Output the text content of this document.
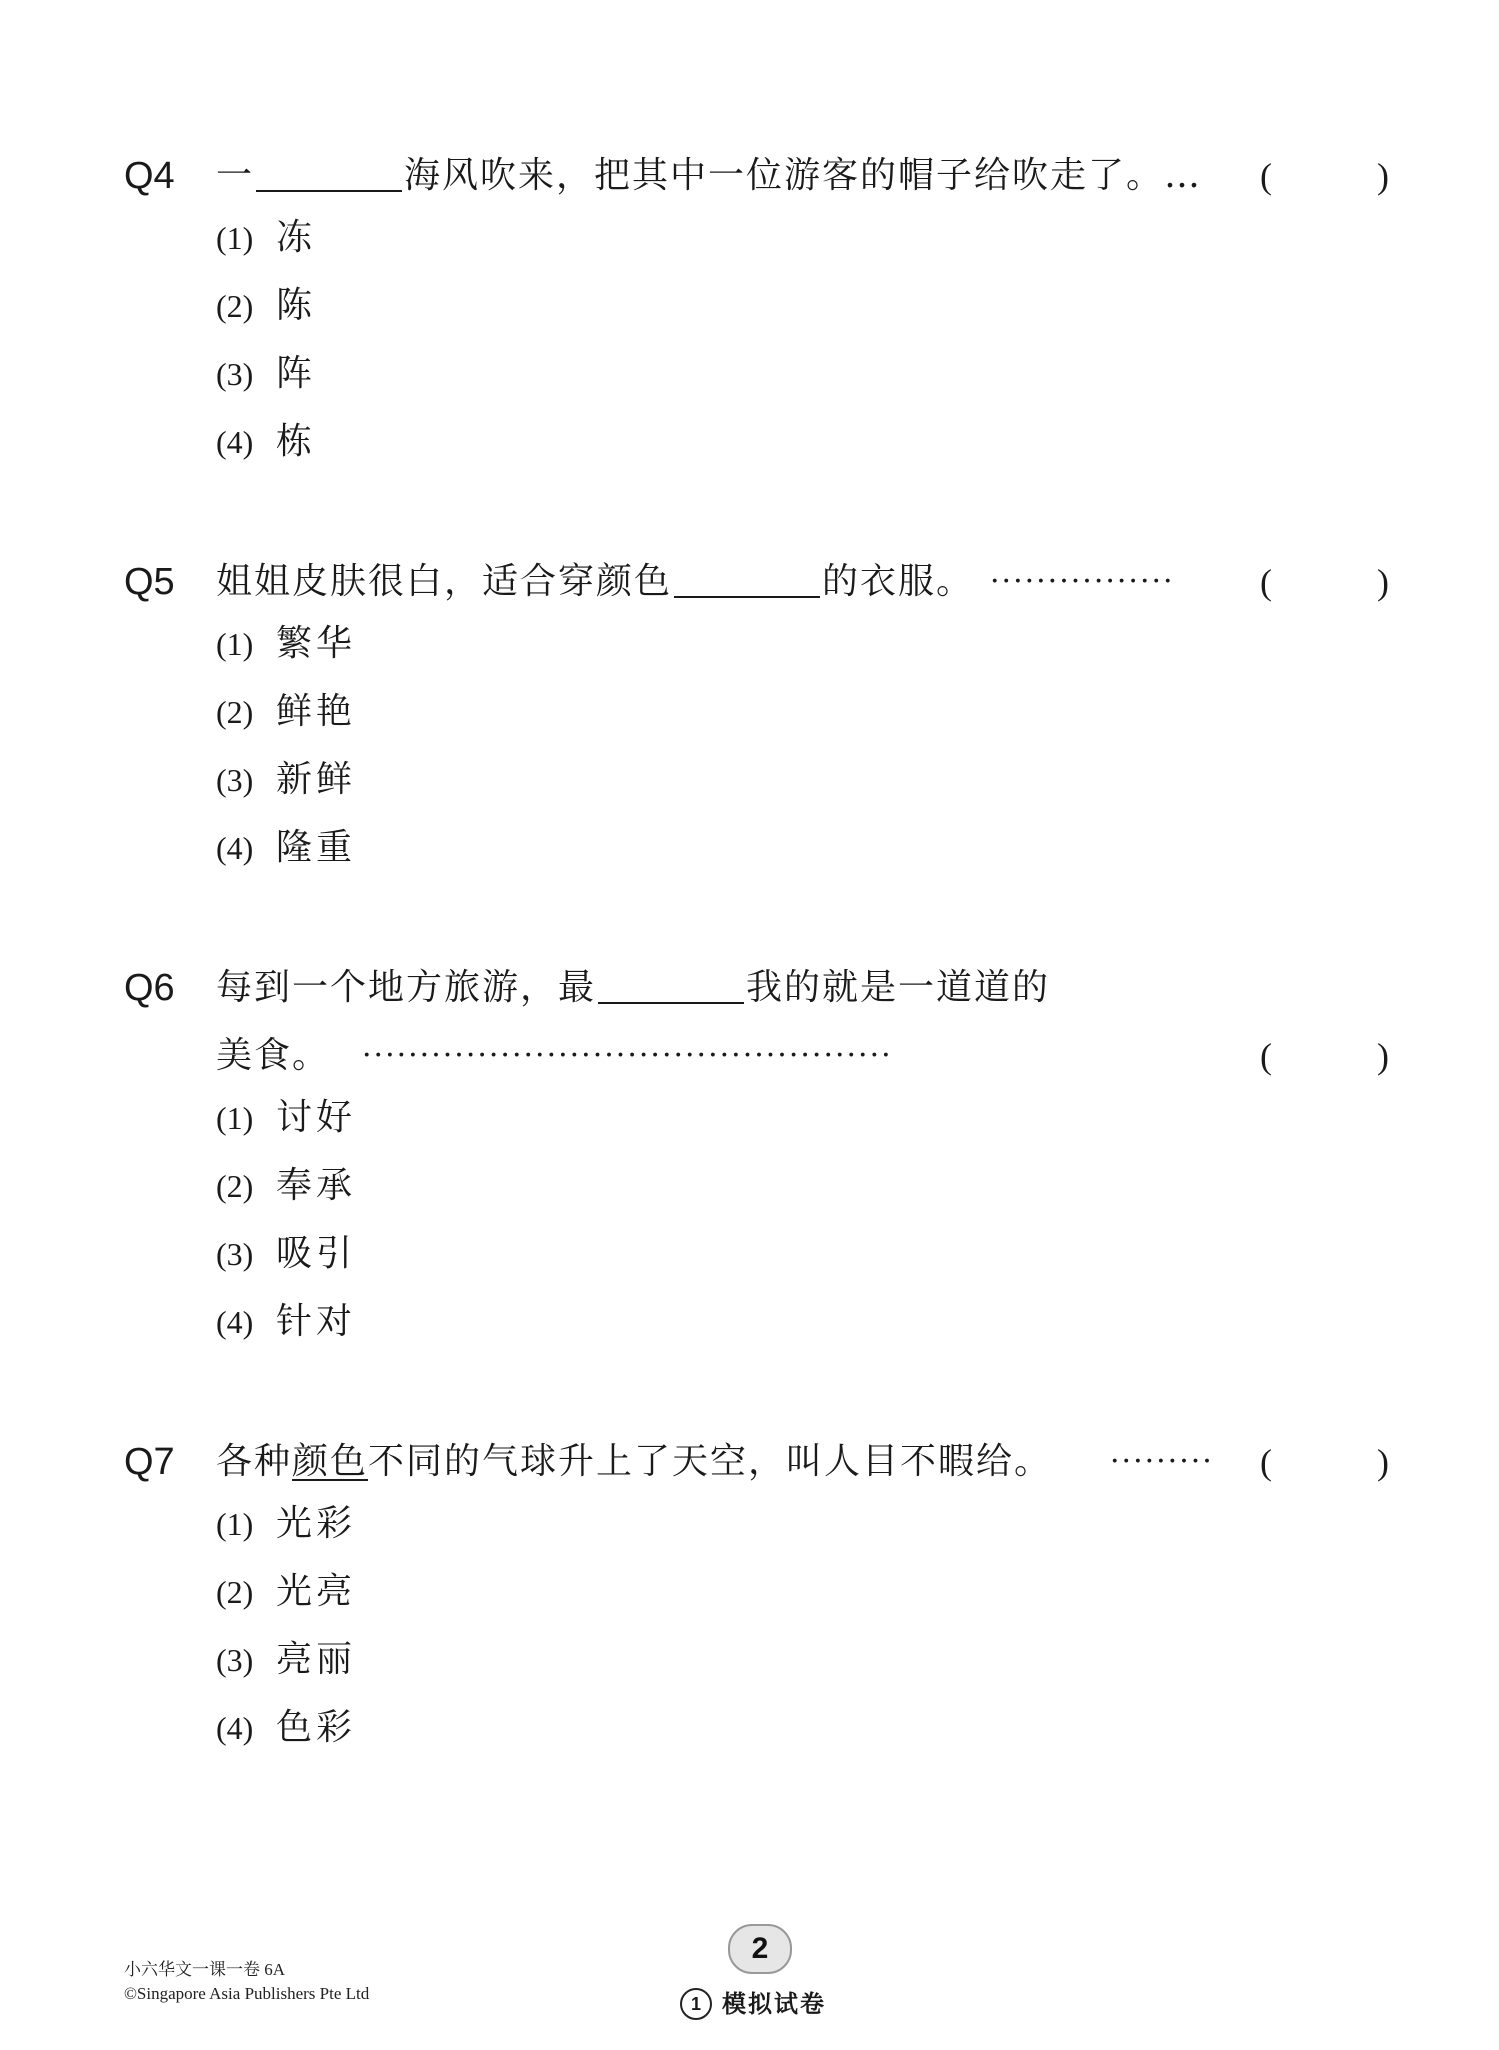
Q4 一	海风吹来，把其中一位游客的帽子给吹走了。…	(	)
(1) 冻
(2) 陈
(3) 阵
(4) 栋
Q5 姐姐皮肤很白，适合穿颜色	的衣服。 ················ (	)
(1) 繁华
(2) 鲜艳
(3) 新鲜
(4) 隆重
Q6 每到一个地方旅游，最	我的就是一道道的
美食。 ··············································	(	)
(1) 讨好
(2) 奉承
(3) 吸引
(4) 针对
Q7 各种颜色不同的气球升上了天空，叫人目不暇给。	········· (	)
(1) 光彩
(2) 光亮
(3) 亮丽
(4) 色彩
小六华文一课一卷 6A
©Singapore Asia Publishers Pte Ltd
2
1 模拟试卷
